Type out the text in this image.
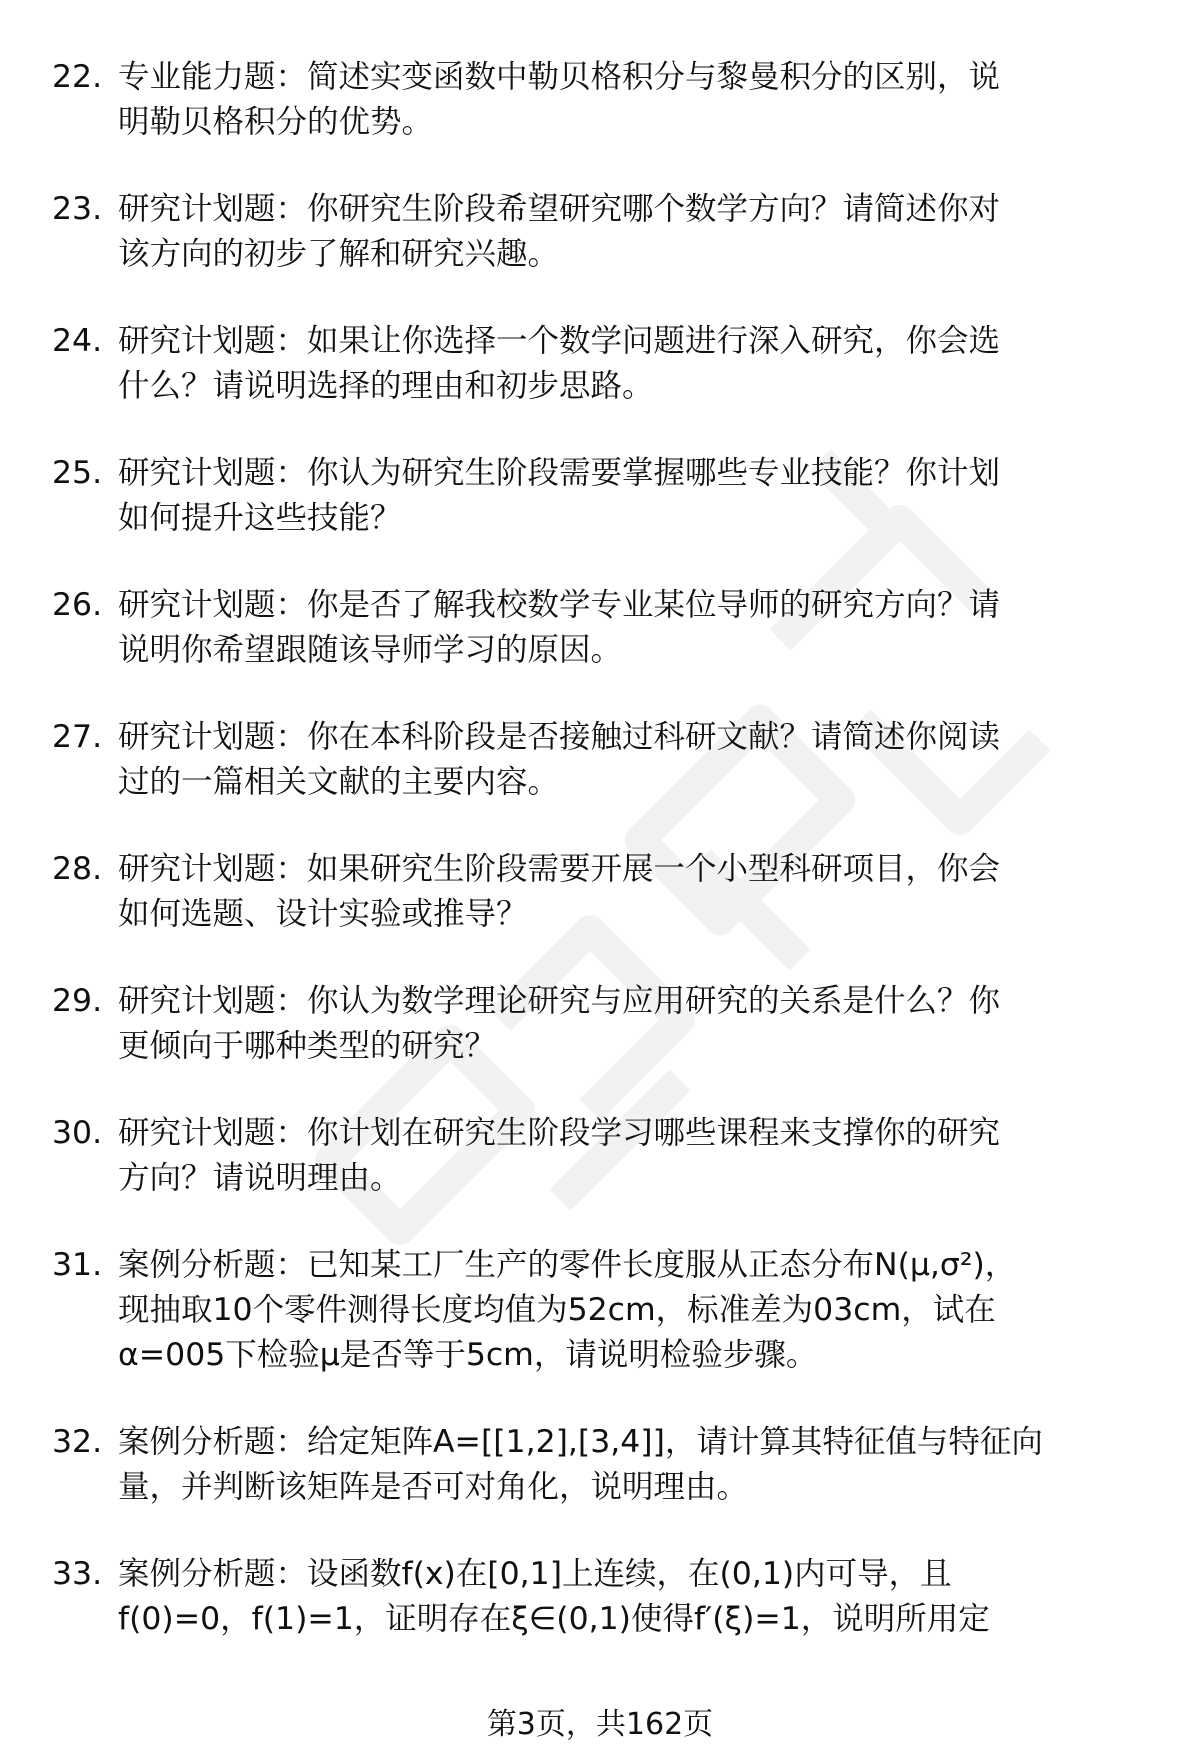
22. 专业能力题：简述实变函数中勒贝格积分与黎曼积分的区别，说
明勒贝格积分的优势。
23. 研究计划题：你研究生阶段希望研究哪个数学方向？请简述你对
该方向的初步了解和研究兴趣。
24. 研究计划题：如果让你选择一个数学问题进行深入研究，你会选
什么？请说明选择的理由和初步思路。
25. 研究计划题：你认为研究生阶段需要掌握哪些专业技能？你计划
如何提升这些技能？
26. 研究计划题：你是否了解我校数学专业某位导师的研究方向？请
说明你希望跟随该导师学习的原因。
27. 研究计划题：你在本科阶段是否接触过科研文献？请简述你阅读
过的一篇相关文献的主要内容。
28. 研究计划题：如果研究生阶段需要开展一个小型科研项目，你会
如何选题、设计实验或推导？
29. 研究计划题：你认为数学理论研究与应用研究的关系是什么？你
更倾向于哪种类型的研究？
30. 研究计划题：你计划在研究生阶段学习哪些课程来支撑你的研究
方向？请说明理由。
31. 案例分析题：已知某工厂生产的零件长度服从正态分布N(μ,σ²)，
现抽取10个零件测得长度均值为52cm，标准差为03cm，试在
α=005下检验μ是否等于5cm，请说明检验步骤。
32. 案例分析题：给定矩阵A=[[1,2],[3,4]]，请计算其特征值与特征向
量，并判断该矩阵是否可对角化，说明理由。
33. 案例分析题：设函数f(x)在[0,1]上连续，在(0,1)内可导，且
f(0)=0，f(1)=1，证明存在ξ∈(0,1)使得f′(ξ)=1，说明所用定
第3页，共162页
